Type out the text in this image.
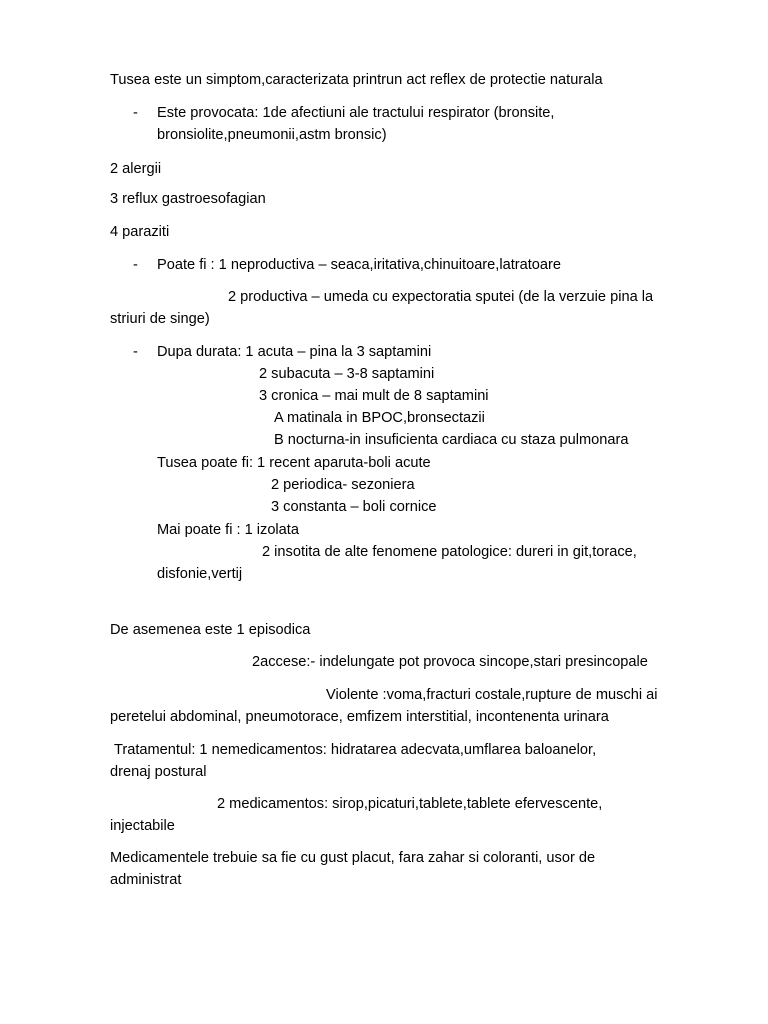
Tusea este un simptom,caracterizata printrun act reflex de protectie naturala
- Este provocata: 1de afectiuni ale tractului respirator (bronsite,
bronsiolite,pneumonii,astm bronsic)
2 alergii
3 reflux gastroesofagian
4 paraziti
- Poate fi : 1 neproductiva – seaca,iritativa,chinuitoare,latratoare
2 productiva – umeda cu expectoratia sputei (de la verzuie pina la
striuri de singe)
- Dupa durata: 1 acuta – pina la 3 saptamini
2 subacuta – 3-8 saptamini
3 cronica – mai mult de 8 saptamini
A matinala in BPOC,bronsectazii
B nocturna-in insuficienta cardiaca cu staza pulmonara
Tusea poate fi: 1 recent aparuta-boli acute
2 periodica- sezoniera
3 constanta – boli cornice
Mai poate fi : 1 izolata
2 insotita de alte fenomene patologice: dureri in git,torace,
disfonie,vertij
De asemenea este 1 episodica
2accese:- indelungate pot provoca sincope,stari presincopale
Violente :voma,fracturi costale,rupture de muschi ai
peretelui abdominal, pneumotorace, emfizem interstitial, incontenenta urinara
Tratamentul: 1 nemedicamentos: hidratarea adecvata,umflarea baloanelor,
drenaj postural
2 medicamentos: sirop,picaturi,tablete,tablete efervescente,
injectabile
Medicamentele trebuie sa fie cu gust placut, fara zahar si coloranti, usor de
administrat
